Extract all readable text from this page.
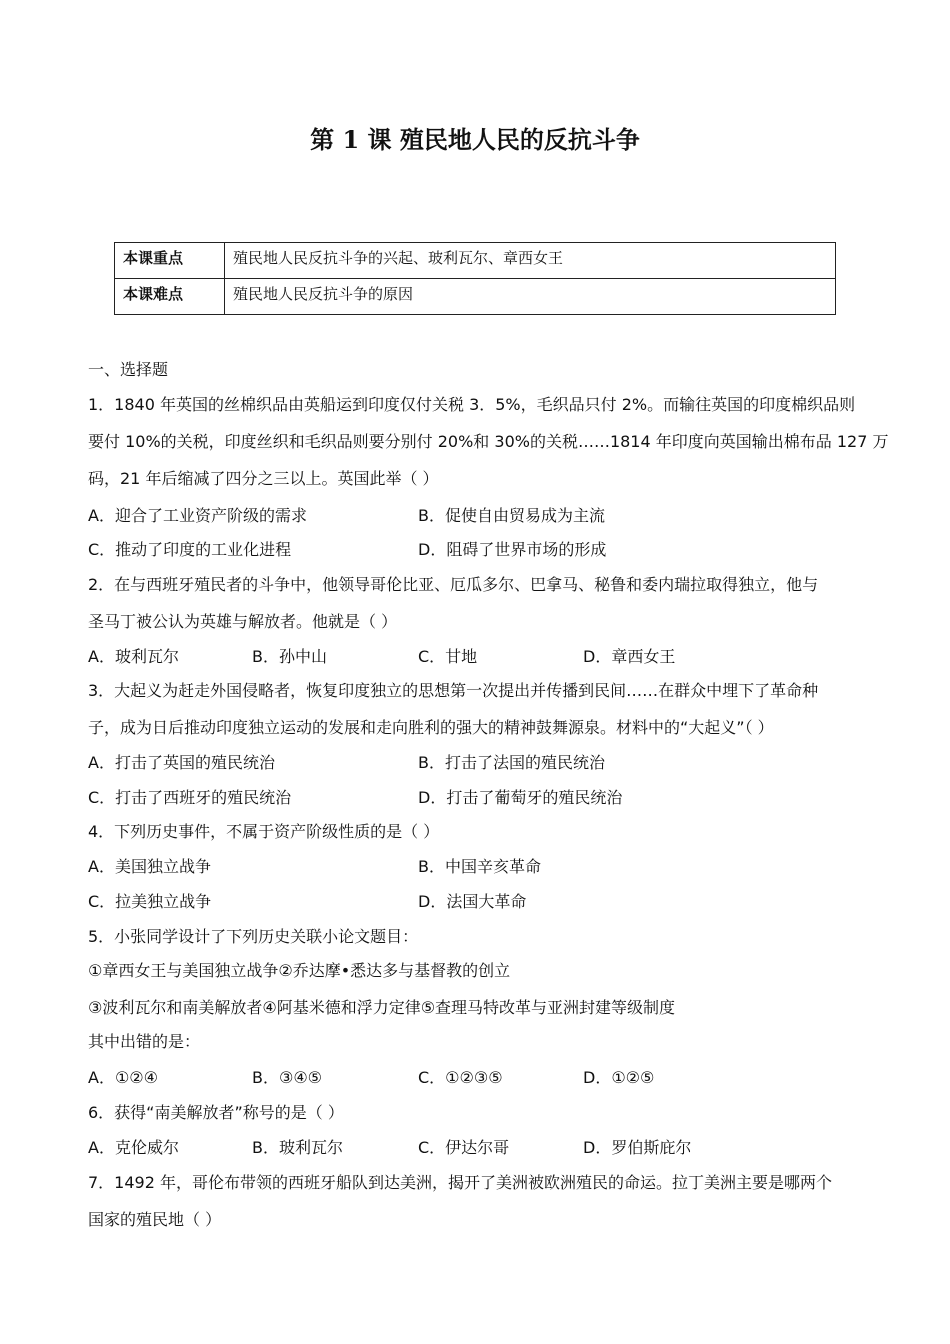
第 1 课 殖民地人民的反抗斗争
本课重点	殖民地人民反抗斗争的兴起、玻利瓦尔、章西女王
本课难点	殖民地人民反抗斗争的原因
一、选择题
1．1840 年英国的丝棉织品由英船运到印度仅付关税 3．5%，毛织品只付 2%。而输往英国的印度棉织品则
要付 10%的关税，印度丝织和毛织品则要分别付 20%和 30%的关税……1814 年印度向英国输出棉布品 127 万
码，21 年后缩减了四分之三以上。英国此举（ ）
A．迎合了工业资产阶级的需求	B．促使自由贸易成为主流
C．推动了印度的工业化进程	D．阻碍了世界市场的形成
2．在与西班牙殖民者的斗争中，他领导哥伦比亚、厄瓜多尔、巴拿马、秘鲁和委内瑞拉取得独立，他与
圣马丁被公认为英雄与解放者。他就是（ ）
A．玻利瓦尔	B．孙中山	C．甘地	D．章西女王
3．大起义为赶走外国侵略者，恢复印度独立的思想第一次提出并传播到民间……在群众中埋下了革命种
子，成为日后推动印度独立运动的发展和走向胜利的强大的精神鼓舞源泉。材料中的“大起义”（ ）
A．打击了英国的殖民统治	B．打击了法国的殖民统治
C．打击了西班牙的殖民统治	D．打击了葡萄牙的殖民统治
4．下列历史事件，不属于资产阶级性质的是（ ）
A．美国独立战争	B．中国辛亥革命
C．拉美独立战争	D．法国大革命
5．小张同学设计了下列历史关联小论文题目：
①章西女王与美国独立战争②乔达摩•悉达多与基督教的创立
③波利瓦尔和南美解放者④阿基米德和浮力定律⑤查理马特改革与亚洲封建等级制度
其中出错的是：
A．①②④	B．③④⑤	C．①②③⑤	D．①②⑤
6．获得“南美解放者”称号的是（ ）
A．克伦威尔	B．玻利瓦尔	C．伊达尔哥	D．罗伯斯庇尔
7．1492 年，哥伦布带领的西班牙船队到达美洲，揭开了美洲被欧洲殖民的命运。拉丁美洲主要是哪两个
国家的殖民地（ ）
